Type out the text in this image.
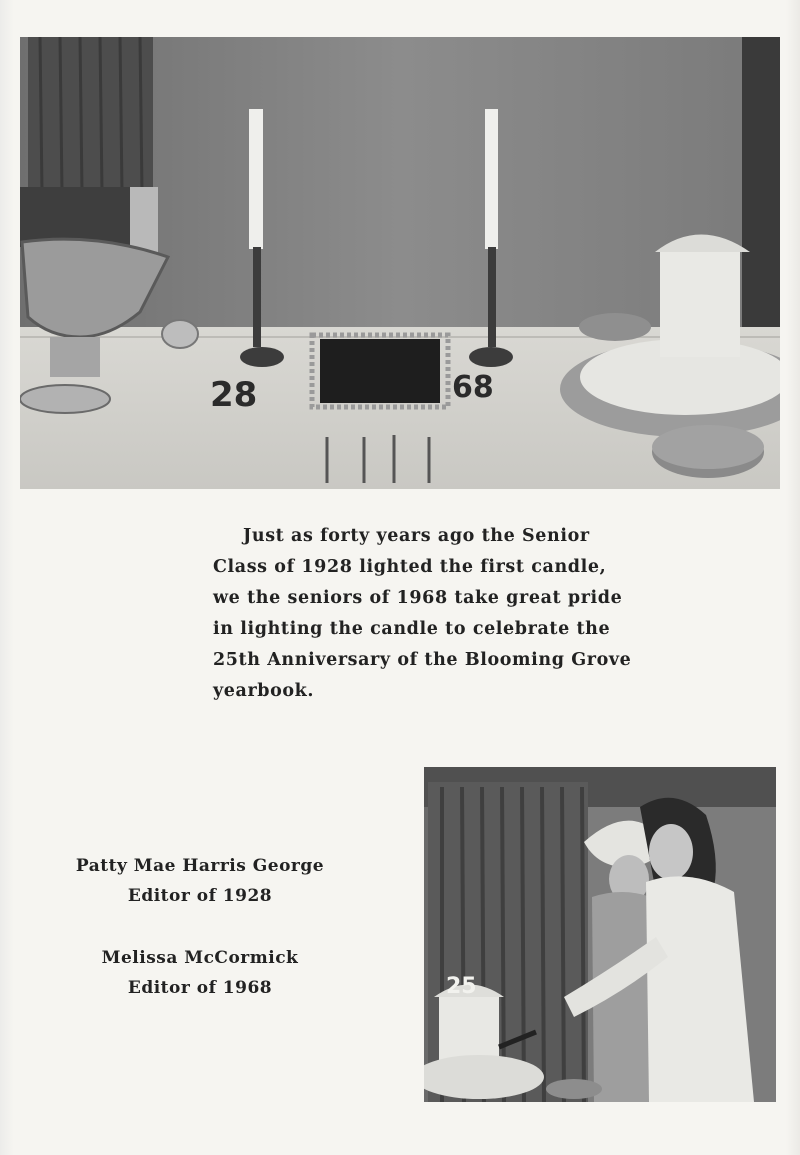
28	68
Just as forty years ago the Senior
Class of 1928 lighted the first candle,
we the seniors of 1968 take great pride
in lighting the candle to celebrate the
25th Anniversary of the Blooming Grove
yearbook.
Patty Mae Harris George
Editor of 1928
Melissa McCormick
Editor of 1968	25
